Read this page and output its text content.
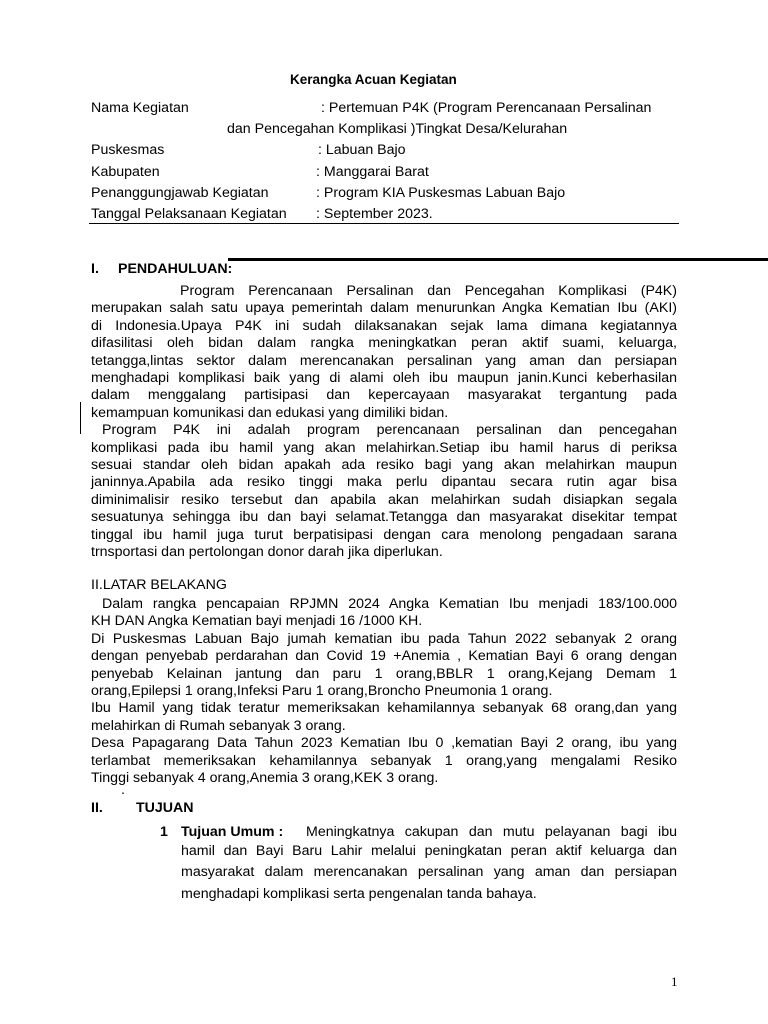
Kerangka Acuan Kegiatan
Nama Kegiatan	: Pertemuan P4K (Program Perencanaan Persalinan
dan Pencegahan Komplikasi )Tingkat Desa/Kelurahan
Puskesmas	: Labuan Bajo
Kabupaten	: Manggarai Barat
Penanggungjawab Kegiatan	: Program KIA Puskesmas Labuan Bajo
Tanggal Pelaksanaan Kegiatan : September 2023.
I. PENDAHULUAN:
Program Perencanaan Persalinan dan Pencegahan Komplikasi (P4K)
merupakan salah satu upaya pemerintah dalam menurunkan Angka Kematian Ibu (AKI)
di Indonesia.Upaya P4K ini sudah dilaksanakan sejak lama dimana kegiatannya
difasilitasi oleh bidan dalam rangka meningkatkan peran aktif suami, keluarga,
tetangga,lintas sektor dalam merencanakan persalinan yang aman dan persiapan
menghadapi komplikasi baik yang di alami oleh ibu maupun janin.Kunci keberhasilan
dalam menggalang partisipasi dan kepercayaan masyarakat tergantung pada
kemampuan komunikasi dan edukasi yang dimiliki bidan.
Program P4K ini adalah program perencanaan persalinan dan pencegahan
komplikasi pada ibu hamil yang akan melahirkan.Setiap ibu hamil harus di periksa
sesuai standar oleh bidan apakah ada resiko bagi yang akan melahirkan maupun
janinnya.Apabila ada resiko tinggi maka perlu dipantau secara rutin agar bisa
diminimalisir resiko tersebut dan apabila akan melahirkan sudah disiapkan segala
sesuatunya sehingga ibu dan bayi selamat.Tetangga dan masyarakat disekitar tempat
tinggal ibu hamil juga turut berpatisipasi dengan cara menolong pengadaan sarana
trnsportasi dan pertolongan donor darah jika diperlukan.
II.LATAR BELAKANG
Dalam rangka pencapaian RPJMN 2024 Angka Kematian Ibu menjadi 183/100.000
KH DAN Angka Kematian bayi menjadi 16 /1000 KH.
Di Puskesmas Labuan Bajo jumah kematian ibu pada Tahun 2022 sebanyak 2 orang
dengan penyebab perdarahan dan Covid 19 +Anemia , Kematian Bayi 6 orang dengan
penyebab Kelainan jantung dan paru 1 orang,BBLR 1 orang,Kejang Demam 1
orang,Epilepsi 1 orang,Infeksi Paru 1 orang,Broncho Pneumonia 1 orang.
Ibu Hamil yang tidak teratur memeriksakan kehamilannya sebanyak 68 orang,dan yang
melahirkan di Rumah sebanyak 3 orang.
Desa Papagarang Data Tahun 2023 Kematian Ibu 0 ,kematian Bayi 2 orang, ibu yang
terlambat memeriksakan kehamilannya sebanyak 1 orang,yang mengalami Resiko
Tinggi sebanyak 4 orang,Anemia 3 orang,KEK 3 orang.
.
II. TUJUAN
1 Tujuan Umum : Meningkatnya cakupan dan mutu pelayanan bagi ibu
hamil dan Bayi Baru Lahir melalui peningkatan peran aktif keluarga dan
masyarakat dalam merencanakan persalinan yang aman dan persiapan
menghadapi komplikasi serta pengenalan tanda bahaya.
1
